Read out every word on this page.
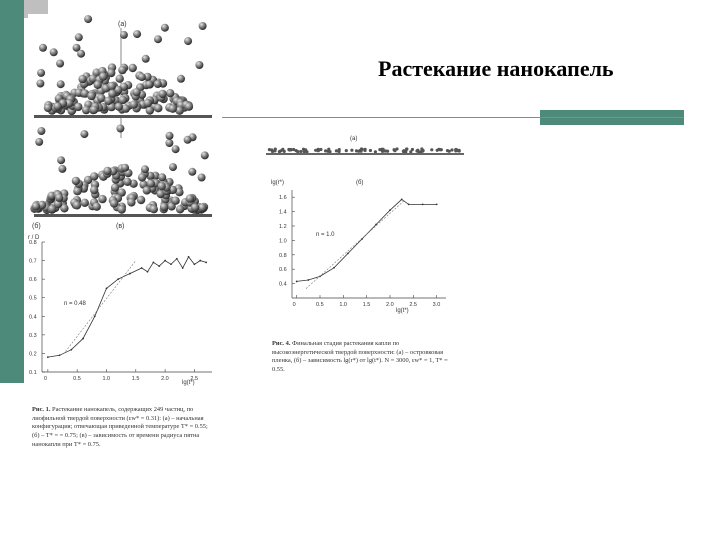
Растекание нанокапель
(a)
(б)	(в)
r / D
n = 0.48
lg(t*)
0	0.5	1.0	1.5	2.0	2.5
0.1
0.2
0.3
0.4
0.5
0.6
0.7
0.8
Рис. 1. Растекание нанокапель, содержащих 249 частиц, по лиофильной твердой поверхности (εw* = 0.31): (а) – начальная конфигурация; отвечающая приведенной температуре T* = 0.55; (б) – T* = = 0.75; (в) – зависимость от времени радиуса пятна нанокапли при T* = 0.75.
(а)
lg(r*)	(б)
n = 1.0
lg(t*)
0	0.5	1.0	1.5	2.0	2.5	3.0
0.4
0.6
0.8
1.0
1.2
1.4
1.6
Рис. 4. Финальная стадия растекания капли по высокоэнергетической твердой поверхности: (а) – островковая пленка, (б) – зависимость lg(r*) от lg(t*). N = 3000, εw* = 1, T* = 0.55.
